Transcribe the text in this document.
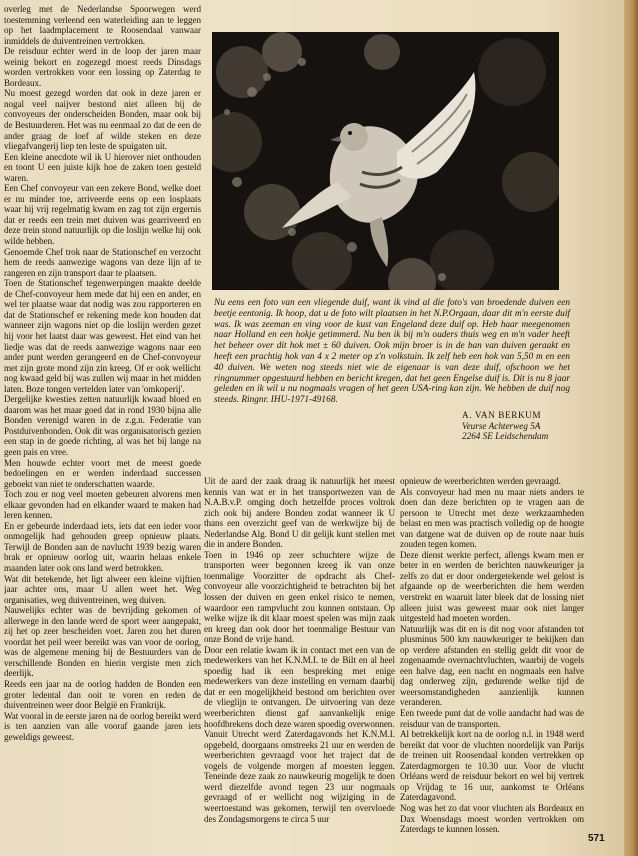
overleg met de Nederlandse Spoorwegen werd toestemming verleend een waterleiding aan te leggen op het laadmplacement te Roosendaal vanwaar inmiddels de duiventreinen vertrokken.

De reisduur echter werd in de loop der jaren maar weinig bekort en zogezegd moest reeds Dinsdags worden vertrokken voor een lossing op Zaterdag te Bordeaux.

Nu moest gezegd worden dat ook in deze jaren er nogal veel naijver bestond niet alleen bij de convoyeurs der onderscheiden Bonden, maar ook bij de Bestuurderen. Het was nu eenmaal zo dat de een de ander graag de loef af wilde steken en deze vliegafvangerij liep ten leste de spuigaten uit.

Een kleine anecdote wil ik U hierover niet onthouden en toont U een juiste kijk hoe de zaken toen gesteld waren.

Een Chef convoyeur van een zekere Bond, welke doet er nu minder toe, arriveerde eens op een losplaats waar hij vrij regelmatig kwam en zag tot zijn ergernis dat er reeds een trein met duiven was gearriveerd en deze trein stond natuurlijk op die loslijn welke hij ook wilde hebben.

Genoemde Chef trok naar de Stationschef en verzocht hem de reeds aanwezige wagons van deze lijn af te rangeren en zijn transport daar te plaatsen.

Toen de Stationschef tegenwerpingen maakte deelde de Chef-convoyeur hem mede dat hij een en ander, en wel ter plaatse waar dat nodig was zou rapporteren en dat de Stationschef er rekening mede kon houden dat wanneer zijn wagons niet op die loslijn werden gezet hij voor het laatst daar was geweest. Het eind van het liedje was dat de reeds aanwezige wagons naar een ander punt werden gerangeerd en de Chef-convoyeur met zijn grote mond zijn zin kreeg. Of er ook wellicht nog kwaad geld bij was zullen wij maar in het midden laten. Boze tongen vertelden later van 'omkoperij'.

Dergelijke kwesties zetten natuurlijk kwaad bloed en daarom was het maar goed dat in rond 1930 bijna alle Bonden verenigd waren in de z.g.n. Federatie van Postduivenbonden. Ook dit was organisatorisch gezien een stap in de goede richting, al was het bij lange na geen pais en vree.

Men houwde echter voort met de meest goede bedoelingen en er werden inderdaad successen geboekt van niet te onderschatten waarde.

Toch zou er nog veel moeten gebeuren alvorens men elkaar gevonden had en elkander waard te maken had leren kennen.

En er gebeurde inderdaad iets, iets dat een ieder voor onmogelijk had gehouden greep opnieuw plaats. Terwijl de Bonden aan de navlucht 1939 bezig waren brak er opnieuw oorlog uit, waarin helaas enkele maanden later ook ons land werd betrokken.

Wat dit betekende, het ligt alweer een kleine vijftien jaar achter ons, maar U allen weet het. Weg organisaties, weg duiventreinen, weg duiven.

Nauwelijks echter was de bevrijding gekomen of allerwege in den lande werd de sport weer aangepakt, zij het op zeer bescheiden voet. Jaren zou het duren voordat het peil weer bereikt was van voor de oorlog, was de algemene mening bij de Bestuurders van de verschillende Bonden en hierin vergiste men zich deerlijk.

Reeds een jaar na de oorlog hadden de Bonden een groter ledental dan ooit te voren en reden de duiventreinen weer door België en Frankrijk.

Wat vooral in de eerste jaren na de oorlog bereikt werd is ten aanzien van alle vooraf gaande jaren iets geweldigs geweest.

Nu eens een foto van een vliegende duif, want ik vind al die foto's van broedende duiven een beetje eentonig. Ik hoop, dat u de foto wilt plaatsen in het N.P.Orgaan, daar dit m'n eerste duif was. Ik was zeeman en ving voor de kust van Engeland deze duif op. Heb haar meegenomen naar Holland en een hokje getimmerd. Nu ben ik bij m'n ouders thuis weg en m'n vader heeft het beheer over dit hok met ± 60 duiven. Ook mijn broer is in de ban van duiven geraakt en heeft een prachtig hok van 4 x 2 meter op z'n volkstuin. Ik zelf heb een hok van 5,50 m en een 40 duiven. We weten nog steeds niet wie de eigenaar is van deze duif, ofschoon we het ringnummer opgestuurd hebben en bericht kregen, dat het geen Engelse duif is. Dit is nu 8 jaar geleden en ik wil u nu nogmaals vragen of het geen USA-ring kan zijn. We hebben de duif nog steeds. Ringnr. IHU-1971-49168.

A. VAN BERKUM
Veurse Achterweg 5A
2264 SE Leidschendam

Uit de aard der zaak draag ik natuurlijk het meest kennis van wat er in het transportwezen van de N.A.B.v.P. omging doch hetzelfde proces voltrok zich ook bij andere Bonden zodat wanneer ik U thans een overzicht geef van de werkwijze bij de Nederlandse Alg. Bond U dit gelijk kunt stellen met die in andere Bonden.

Toen in 1946 op zeer schuchtere wijze de transporten weer begonnen kreeg ik van onze toenmalige Voorzitter de opdracht als Chef-convoyeur alle voorzichtigheid te betrachten bij het lossen der duiven en geen enkel risico te nemen, waardoor een rampvlucht zou kunnen ontstaan. Op welke wijze ik dit klaar moest spelen was mijn zaak en kreeg dan ook door het toenmalige Bestuur van onze Bond de vrije hand.

Door een relatie kwam ik in contact met een van de medewerkers van het K.N.M.I. te de Bilt en al heel spoedig had ik een bespreking met enige medewerkers van deze instelling en vernam daarbij dat er een mogelijkheid bestond om berichten over de vlieglijn te ontvangen. De uitvoering van deze weerberichten dienst gaf aanvankelijk enige hoofdbrekens doch deze waren spoedig overwonnen.

Vanuit Utrecht werd Zaterdagavonds het K.N.M.I. opgebeld, doorgaans omstreeks 21 uur en werden de weerberichten gevraagd voor het traject dat de vogels de volgende morgen af moesten leggen. Teneinde deze zaak zo nauwkeurig mogelijk te doen werd diezelfde avond tegen 23 uur nogmaals gevraagd of er wellicht nog wijziging in de weertoestand was gekomen, terwijl ten overvloede des Zondagsmorgens te circa 5 uur

opnieuw de weerberichten werden gevraagd.

Als convoyeur had men nu maar niets anders te doen dan deze berichten op te vragen aan de persoon te Utrecht met deze werkzaamheden belast en men was practisch volledig op de hoogte van datgene wat de duiven op de route naar huis zouden tegen komen.

Deze dienst werkte perfect, allengs kwam men er beter in en werden de berichten nauwkeuriger ja zelfs zo dat er door ondergetekende wel gelost is afgaande op de weerberichten die hem werden verstrekt en waaruit later bleek dat de lossing niet alleen juist was geweest maar ook niet langer uitgesteld had moeten worden.

Natuurlijk was dit en is dit nog voor afstanden tot plusminus 500 km nauwkeuriger te bekijken dan op verdere afstanden en stellig geldt dit voor de zogenaamde overnachtvluchten, waarbij de vogels een halve dag, een nacht en nogmaals een halve dag onderweg zijn, gedurende welke tijd de weersomstandigheden aanzienlijk kunnen veranderen.

Een tweede punt dat de volle aandacht had was de reisduur van de transporten.

Al betrekkelijk kort na de oorlog n.l. in 1948 werd bereikt dat voor de vluchten noordelijk van Parijs de treinen uit Roosendaal konden vertrekken op Zaterdagmorgen te 10.30 uur. Voor de vlucht Orléans werd de reisduur bekort en wel bij vertrek op Vrijdag te 16 uur, aankomst te Orléans Zaterdagavond.

Nog was het zo dat voor vluchten als Bordeaux en Dax Woensdags moest worden vertrokken om Zaterdags te kunnen lossen.

571
